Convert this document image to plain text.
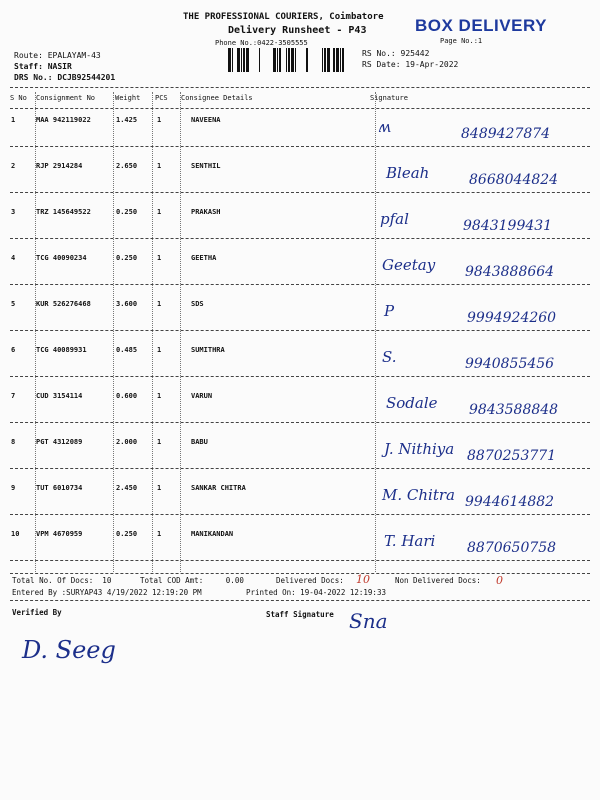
THE PROFESSIONAL COURIERS, Coimbatore
Delivery Runsheet - P43
Phone No.:0422-3505555
BOX DELIVERY
Page No.:1
Route: EPALAYAM-43
Staff: NASIR
DRS No.: DCJB92544201
RS No.: 925442
RS Date: 19-Apr-2022
S No Consignment No	Weight PCS Consignee Details	Signature
1	MAA 942119022	1.425	1	NAVEENA	ʍ	8489427874
2	RJP 2914284	2.650	1	SENTHIL	Bleah	8668044824
3	TRZ 145649522	0.250	1	PRAKASH	pfal	9843199431
4	TCG 40090234	0.250	1	GEETHA	Geetay 9843888664
5	KUR 526276468	3.600	1	SDS	P	9994924260
6	TCG 40089931	0.485	1	SUMITHRA	S.	9940855456
7	CUD 3154114	0.600	1	VARUN	Sodale 9843588848
8	PGT 4312089	2.000	1	BABU	J. Nithiya 8870253771
9	TUT 6010734	2.450	1	SANKAR CHITRA	M. Chitra 9944614882
10 VPM 4670959	0.250	1	MANIKANDAN	T. Hari 8870650758
Total No. Of Docs:  10	Total COD Amt:     0.00	Delivered Docs: 10	Non Delivered Docs: 0
Entered By :SURYAP43 4/19/2022 12:19:20 PM	Printed On: 19-04-2022 12:19:33
Verified By	Staff Signature
D. Seeg
Sna
